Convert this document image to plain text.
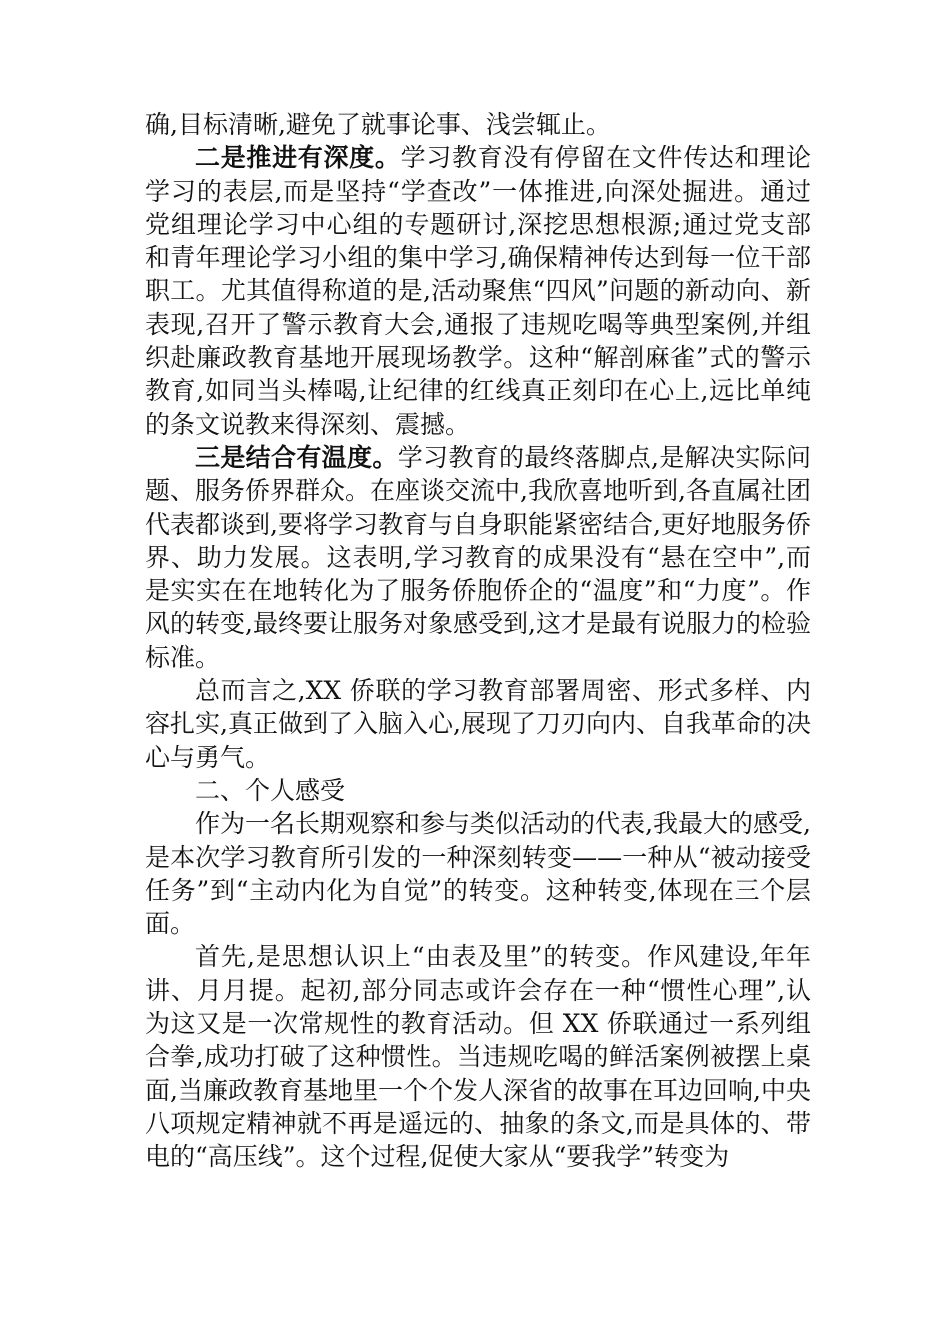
确,目标清晰,避免了就事论事、浅尝辄止。

二是推进有深度。学习教育没有停留在文件传达和理论学习的表层,而是坚持“学查改”一体推进,向深处掘进。通过党组理论学习中心组的专题研讨,深挖思想根源;通过党支部和青年理论学习小组的集中学习,确保精神传达到每一位干部职工。尤其值得称道的是,活动聚焦“四风”问题的新动向、新表现,召开了警示教育大会,通报了违规吃喝等典型案例,并组织赴廉政教育基地开展现场教学。这种“解剖麻雀”式的警示教育,如同当头棒喝,让纪律的红线真正刻印在心上,远比单纯的条文说教来得深刻、震撼。

三是结合有温度。学习教育的最终落脚点,是解决实际问题、服务侨界群众。在座谈交流中,我欣喜地听到,各直属社团代表都谈到,要将学习教育与自身职能紧密结合,更好地服务侨界、助力发展。这表明,学习教育的成果没有“悬在空中”,而是实实在在地转化为了服务侨胞侨企的“温度”和“力度”。作风的转变,最终要让服务对象感受到,这才是最有说服力的检验标准。

总而言之,XX 侨联的学习教育部署周密、形式多样、内容扎实,真正做到了入脑入心,展现了刀刃向内、自我革命的决心与勇气。

二、个人感受

作为一名长期观察和参与类似活动的代表,我最大的感受,是本次学习教育所引发的一种深刻转变——一种从“被动接受任务”到“主动内化为自觉”的转变。这种转变,体现在三个层面。

首先,是思想认识上“由表及里”的转变。作风建设,年年讲、月月提。起初,部分同志或许会存在一种“惯性心理”,认为这又是一次常规性的教育活动。但 XX 侨联通过一系列组合拳,成功打破了这种惯性。当违规吃喝的鲜活案例被摆上桌面,当廉政教育基地里一个个发人深省的故事在耳边回响,中央八项规定精神就不再是遥远的、抽象的条文,而是具体的、带电的“高压线”。这个过程,促使大家从“要我学”转变为
